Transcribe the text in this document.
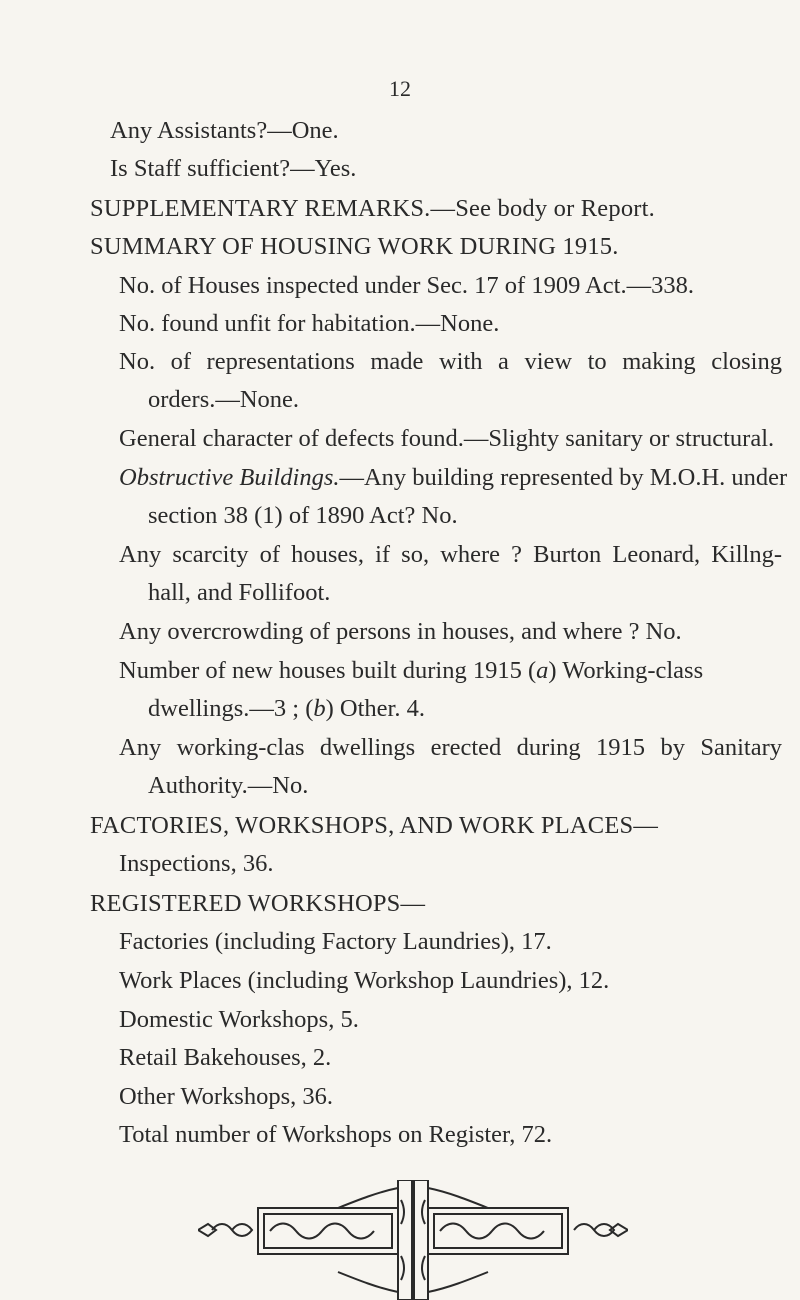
12
Any Assistants?—One.
Is Staff sufficient?—Yes.
SUPPLEMENTARY REMARKS.—See body or Report.
SUMMARY OF HOUSING WORK DURING 1915.
No. of Houses inspected under Sec. 17 of 1909 Act.—338.
No. found unfit for habitation.—None.
No. of representations made with a view to making closing
orders.—None.
General character of defects found.—Slighty sanitary or structural.
Obstructive Buildings.—Any building represented by M.O.H. under
section 38 (1) of 1890 Act? No.
Any scarcity of houses, if so, where ? Burton Leonard, Killng-
hall, and Follifoot.
Any overcrowding of persons in houses, and where ? No.
Number of new houses built during 1915 (a) Working-class
dwellings.—3 ; (b) Other. 4.
Any working-clas dwellings erected during 1915 by Sanitary
Authority.—No.
FACTORIES, WORKSHOPS, AND WORK PLACES—
Inspections, 36.
REGISTERED WORKSHOPS—
Factories (including Factory Laundries), 17.
Work Places (including Workshop Laundries), 12.
Domestic Workshops, 5.
Retail Bakehouses, 2.
Other Workshops, 36.
Total number of Workshops on Register, 72.
